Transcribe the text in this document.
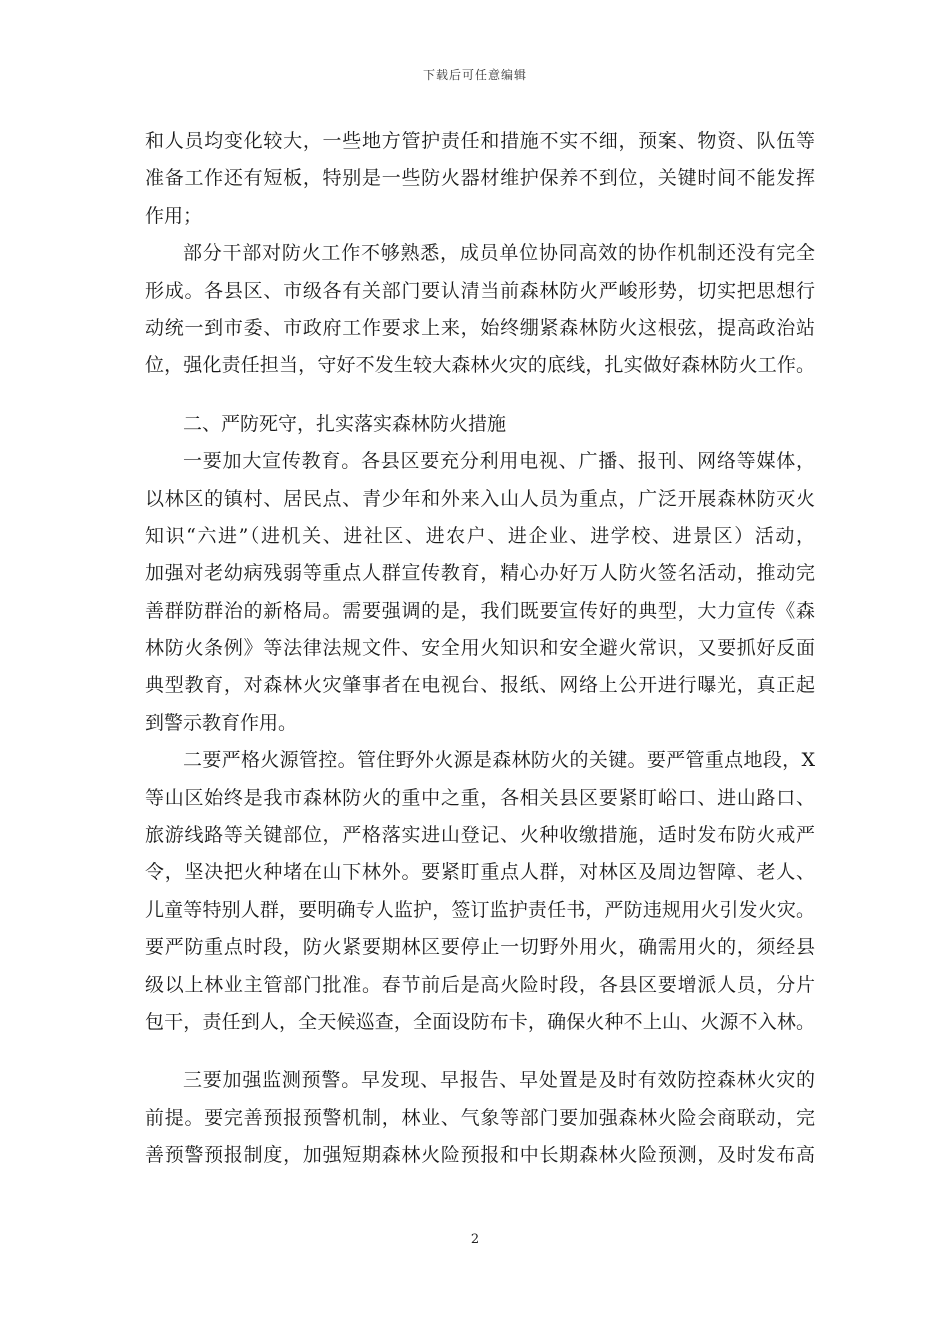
下载后可任意编辑
和人员均变化较大，一些地方管护责任和措施不实不细，预案、物资、队伍等
准备工作还有短板，特别是一些防火器材维护保养不到位，关键时间不能发挥
作用；
部分干部对防火工作不够熟悉，成员单位协同高效的协作机制还没有完全
形成。各县区、市级各有关部门要认清当前森林防火严峻形势，切实把思想行
动统一到市委、市政府工作要求上来，始终绷紧森林防火这根弦，提高政治站
位，强化责任担当，守好不发生较大森林火灾的底线，扎实做好森林防火工作。
二、严防死守，扎实落实森林防火措施
一要加大宣传教育。各县区要充分利用电视、广播、报刊、网络等媒体，
以林区的镇村、居民点、青少年和外来入山人员为重点，广泛开展森林防灭火
知识“六进”（进机关、进社区、进农户、进企业、进学校、进景区）活动，
加强对老幼病残弱等重点人群宣传教育，精心办好万人防火签名活动，推动完
善群防群治的新格局。需要强调的是，我们既要宣传好的典型，大力宣传《森
林防火条例》等法律法规文件、安全用火知识和安全避火常识，又要抓好反面
典型教育，对森林火灾肇事者在电视台、报纸、网络上公开进行曝光，真正起
到警示教育作用。
二要严格火源管控。管住野外火源是森林防火的关键。要严管重点地段，X
等山区始终是我市森林防火的重中之重，各相关县区要紧盯峪口、进山路口、
旅游线路等关键部位，严格落实进山登记、火种收缴措施，适时发布防火戒严
令，坚决把火种堵在山下林外。要紧盯重点人群，对林区及周边智障、老人、
儿童等特别人群，要明确专人监护，签订监护责任书，严防违规用火引发火灾。
要严防重点时段，防火紧要期林区要停止一切野外用火，确需用火的，须经县
级以上林业主管部门批准。春节前后是高火险时段，各县区要增派人员，分片
包干，责任到人，全天候巡查，全面设防布卡，确保火种不上山、火源不入林。
三要加强监测预警。早发现、早报告、早处置是及时有效防控森林火灾的
前提。要完善预报预警机制，林业、气象等部门要加强森林火险会商联动，完
善预警预报制度，加强短期森林火险预报和中长期森林火险预测，及时发布高
2
